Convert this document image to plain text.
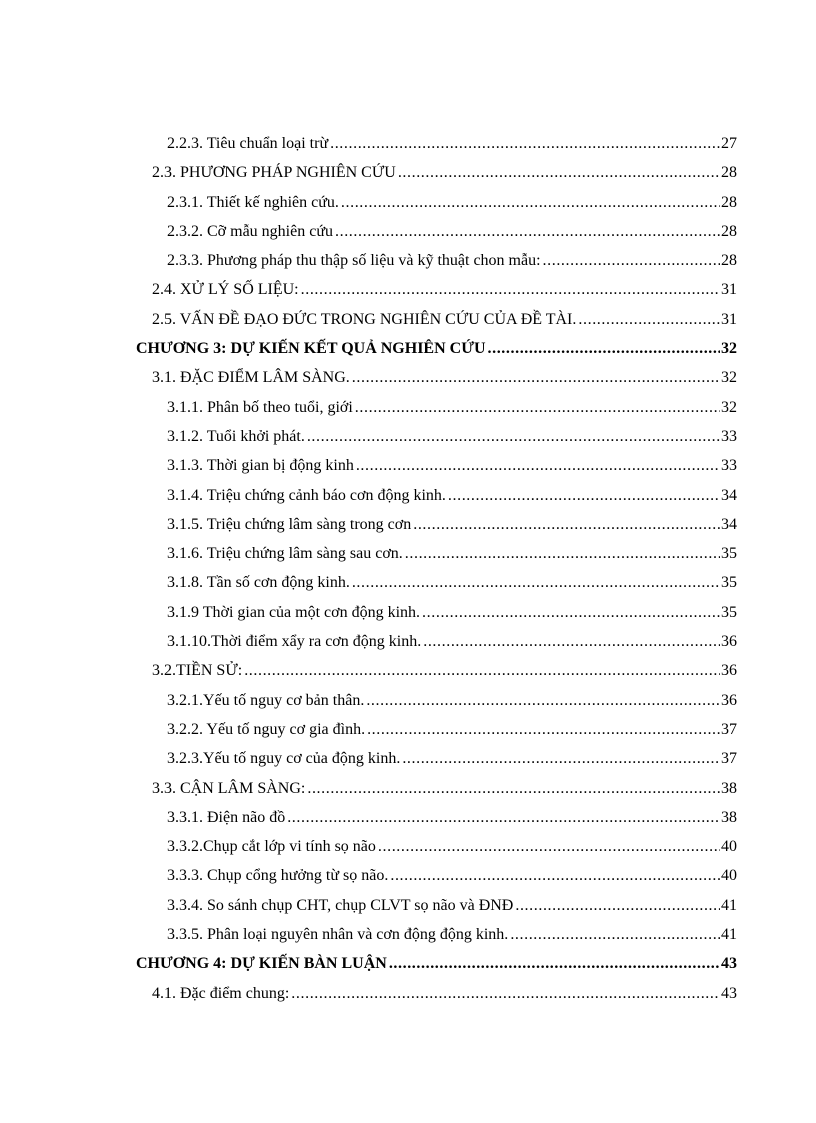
2.2.3. Tiêu chuẩn loại trừ .....	27
2.3. PHƯƠNG PHÁP NGHIÊN CỨU .....	28
2.3.1. Thiết kế nghiên cứu. .....	28
2.3.2. Cỡ mẫu nghiên cứu .....	28
2.3.3. Phương pháp thu thập số liệu và kỹ thuật chon mẫu: .....	28
2.4. XỬ LÝ SỐ LIỆU: .....	31
2.5. VẤN ĐỀ ĐẠO ĐỨC TRONG NGHIÊN CỨU CỦA ĐỀ TÀI. .....	31
CHƯƠNG 3: DỰ KIẾN KẾT QUẢ NGHIÊN CỨU .....	32
3.1. ĐẶC ĐIỂM LÂM SÀNG. .....	32
3.1.1. Phân bố theo tuổi, giới .....	32
3.1.2. Tuổi khởi phát. .....	33
3.1.3. Thời gian bị động kinh .....	33
3.1.4. Triệu chứng cảnh báo cơn động kinh. .....	34
3.1.5. Triệu chứng lâm sàng trong cơn .....	34
3.1.6. Triệu chứng lâm sàng sau cơn. .....	35
3.1.8. Tần số cơn động kinh. .....	35
3.1.9 Thời gian của một cơn động kinh. .....	35
3.1.10.Thời điểm xẩy ra cơn động kinh. .....	36
3.2.TIỀN SỬ: .....	36
3.2.1.Yếu tố nguy cơ bản thân. .....	36
3.2.2. Yếu tố nguy cơ gia đình. .....	37
3.2.3.Yếu tố nguy cơ của động kinh. .....	37
3.3. CẬN LÂM SÀNG: .....	38
3.3.1. Điện não đồ .....	38
3.3.2.Chụp cắt lớp vi tính sọ não .....	40
3.3.3. Chụp cổng hưởng từ sọ não. .....	40
3.3.4. So sánh chụp CHT, chụp CLVT sọ não và ĐNĐ .....	41
3.3.5. Phân loại nguyên nhân và cơn động động kinh. .....	41
CHƯƠNG 4: DỰ KIẾN BÀN LUẬN .....	43
4.1. Đặc điểm chung: .....	43
